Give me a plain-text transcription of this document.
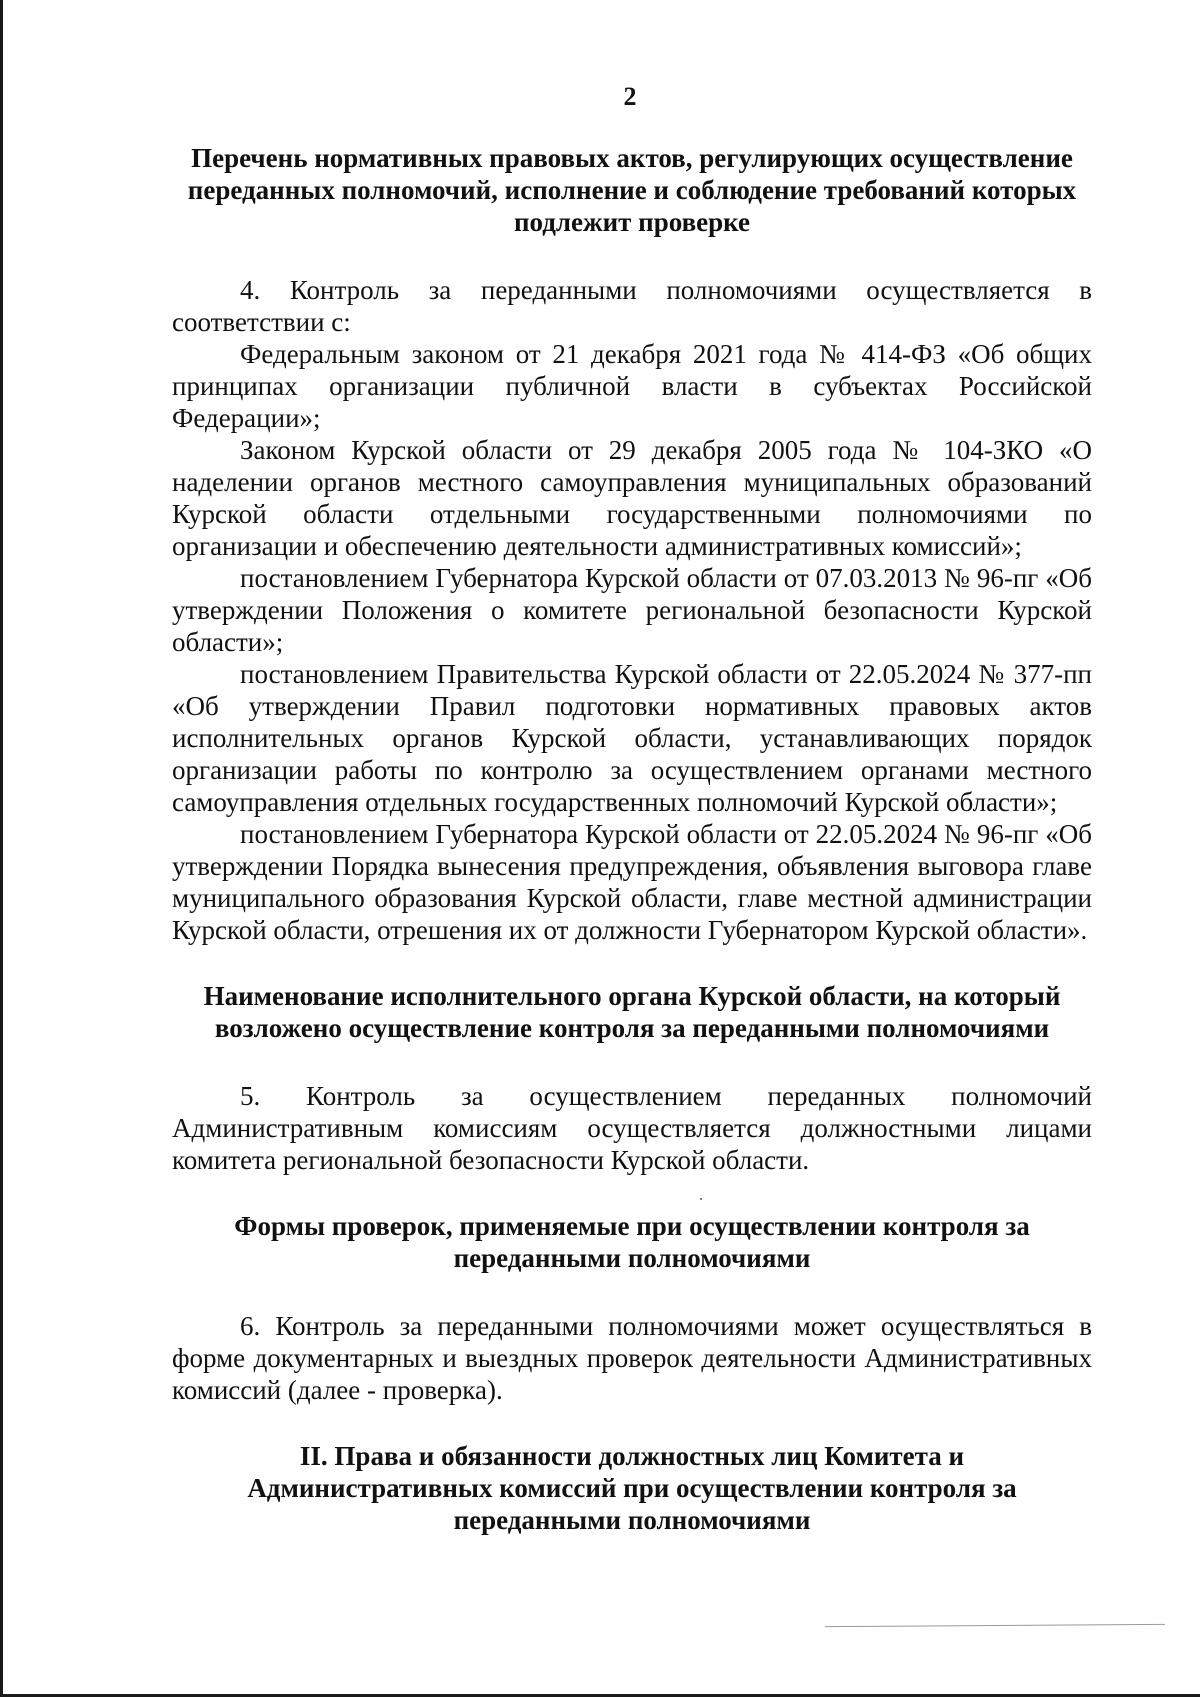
2

Перечень нормативных правовых актов, регулирующих осуществление переданных полномочий, исполнение и соблюдение требований которых подлежит проверке

4. Контроль за переданными полномочиями осуществляется в соответствии с:

Федеральным законом от 21 декабря 2021 года № 414-ФЗ «Об общих принципах организации публичной власти в субъектах Российской Федерации»;

Законом Курской области от 29 декабря 2005 года № 104-ЗКО «О наделении органов местного самоуправления муниципальных образований Курской области отдельными государственными полномочиями по организации и обеспечению деятельности административных комиссий»;

постановлением Губернатора Курской области от 07.03.2013 № 96-пг «Об утверждении Положения о комитете региональной безопасности Курской области»;

постановлением Правительства Курской области от 22.05.2024 № 377-пп «Об утверждении Правил подготовки нормативных правовых актов исполнительных органов Курской области, устанавливающих порядок организации работы по контролю за осуществлением органами местного самоуправления отдельных государственных полномочий Курской области»;

постановлением Губернатора Курской области от 22.05.2024 № 96-пг «Об утверждении Порядка вынесения предупреждения, объявления выговора главе муниципального образования Курской области, главе местной администрации Курской области, отрешения их от должности Губернатором Курской области».

Наименование исполнительного органа Курской области, на который возложено осуществление контроля за переданными полномочиями

5. Контроль за осуществлением переданных полномочий Административным комиссиям осуществляется должностными лицами комитета региональной безопасности Курской области.

Формы проверок, применяемые при осуществлении контроля за переданными полномочиями

6. Контроль за переданными полномочиями может осуществляться в форме документарных и выездных проверок деятельности Административных комиссий (далее - проверка).

II. Права и обязанности должностных лиц Комитета и Административных комиссий при осуществлении контроля за переданными полномочиями
